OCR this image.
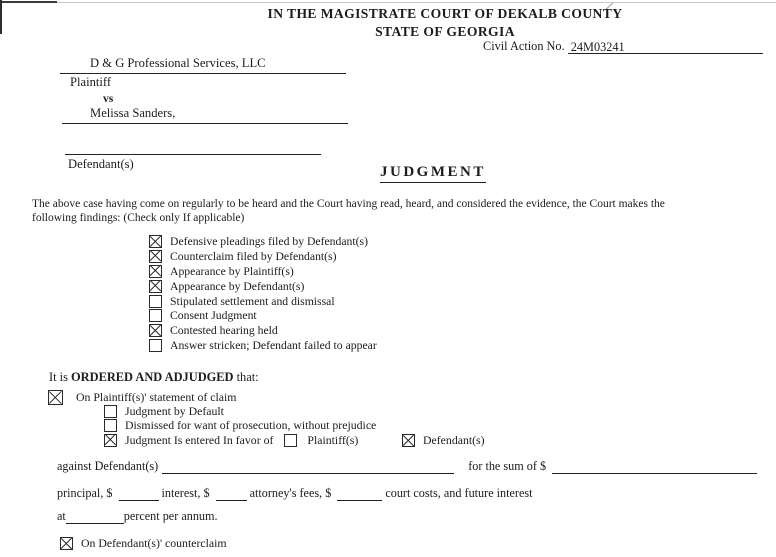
IN THE MAGISTRATE COURT OF DEKALB COUNTY
STATE OF GEORGIA
Civil Action No. 24M03241
D & G Professional Services, LLC
Plaintiff
vs
Melissa Sanders,
Defendant(s)	JUDGMENT
The above case having come on regularly to be heard and the Court having read, heard, and considered the evidence, the Court makes the
following findings: (Check only If applicable)
Defensive pleadings filed by Defendant(s)
Counterclaim filed by Defendant(s)
Appearance by Plaintiff(s)
Appearance by Defendant(s)
Stipulated settlement and dismissal
Consent Judgment
Contested hearing held
Answer stricken; Defendant failed to appear
It is ORDERED AND ADJUDGED that:
On Plaintiff(s)' statement of claim
Judgment by Default
Dismissed for want of prosecution, without prejudice
Judgment Is entered In favor of	Plaintiff(s)	Defendant(s)
against Defendant(s)	for the sum of $
principal, $	interest, $	attorney's fees, $	court costs, and future interest
at	percent per annum.
On Defendant(s)' counterclaim
